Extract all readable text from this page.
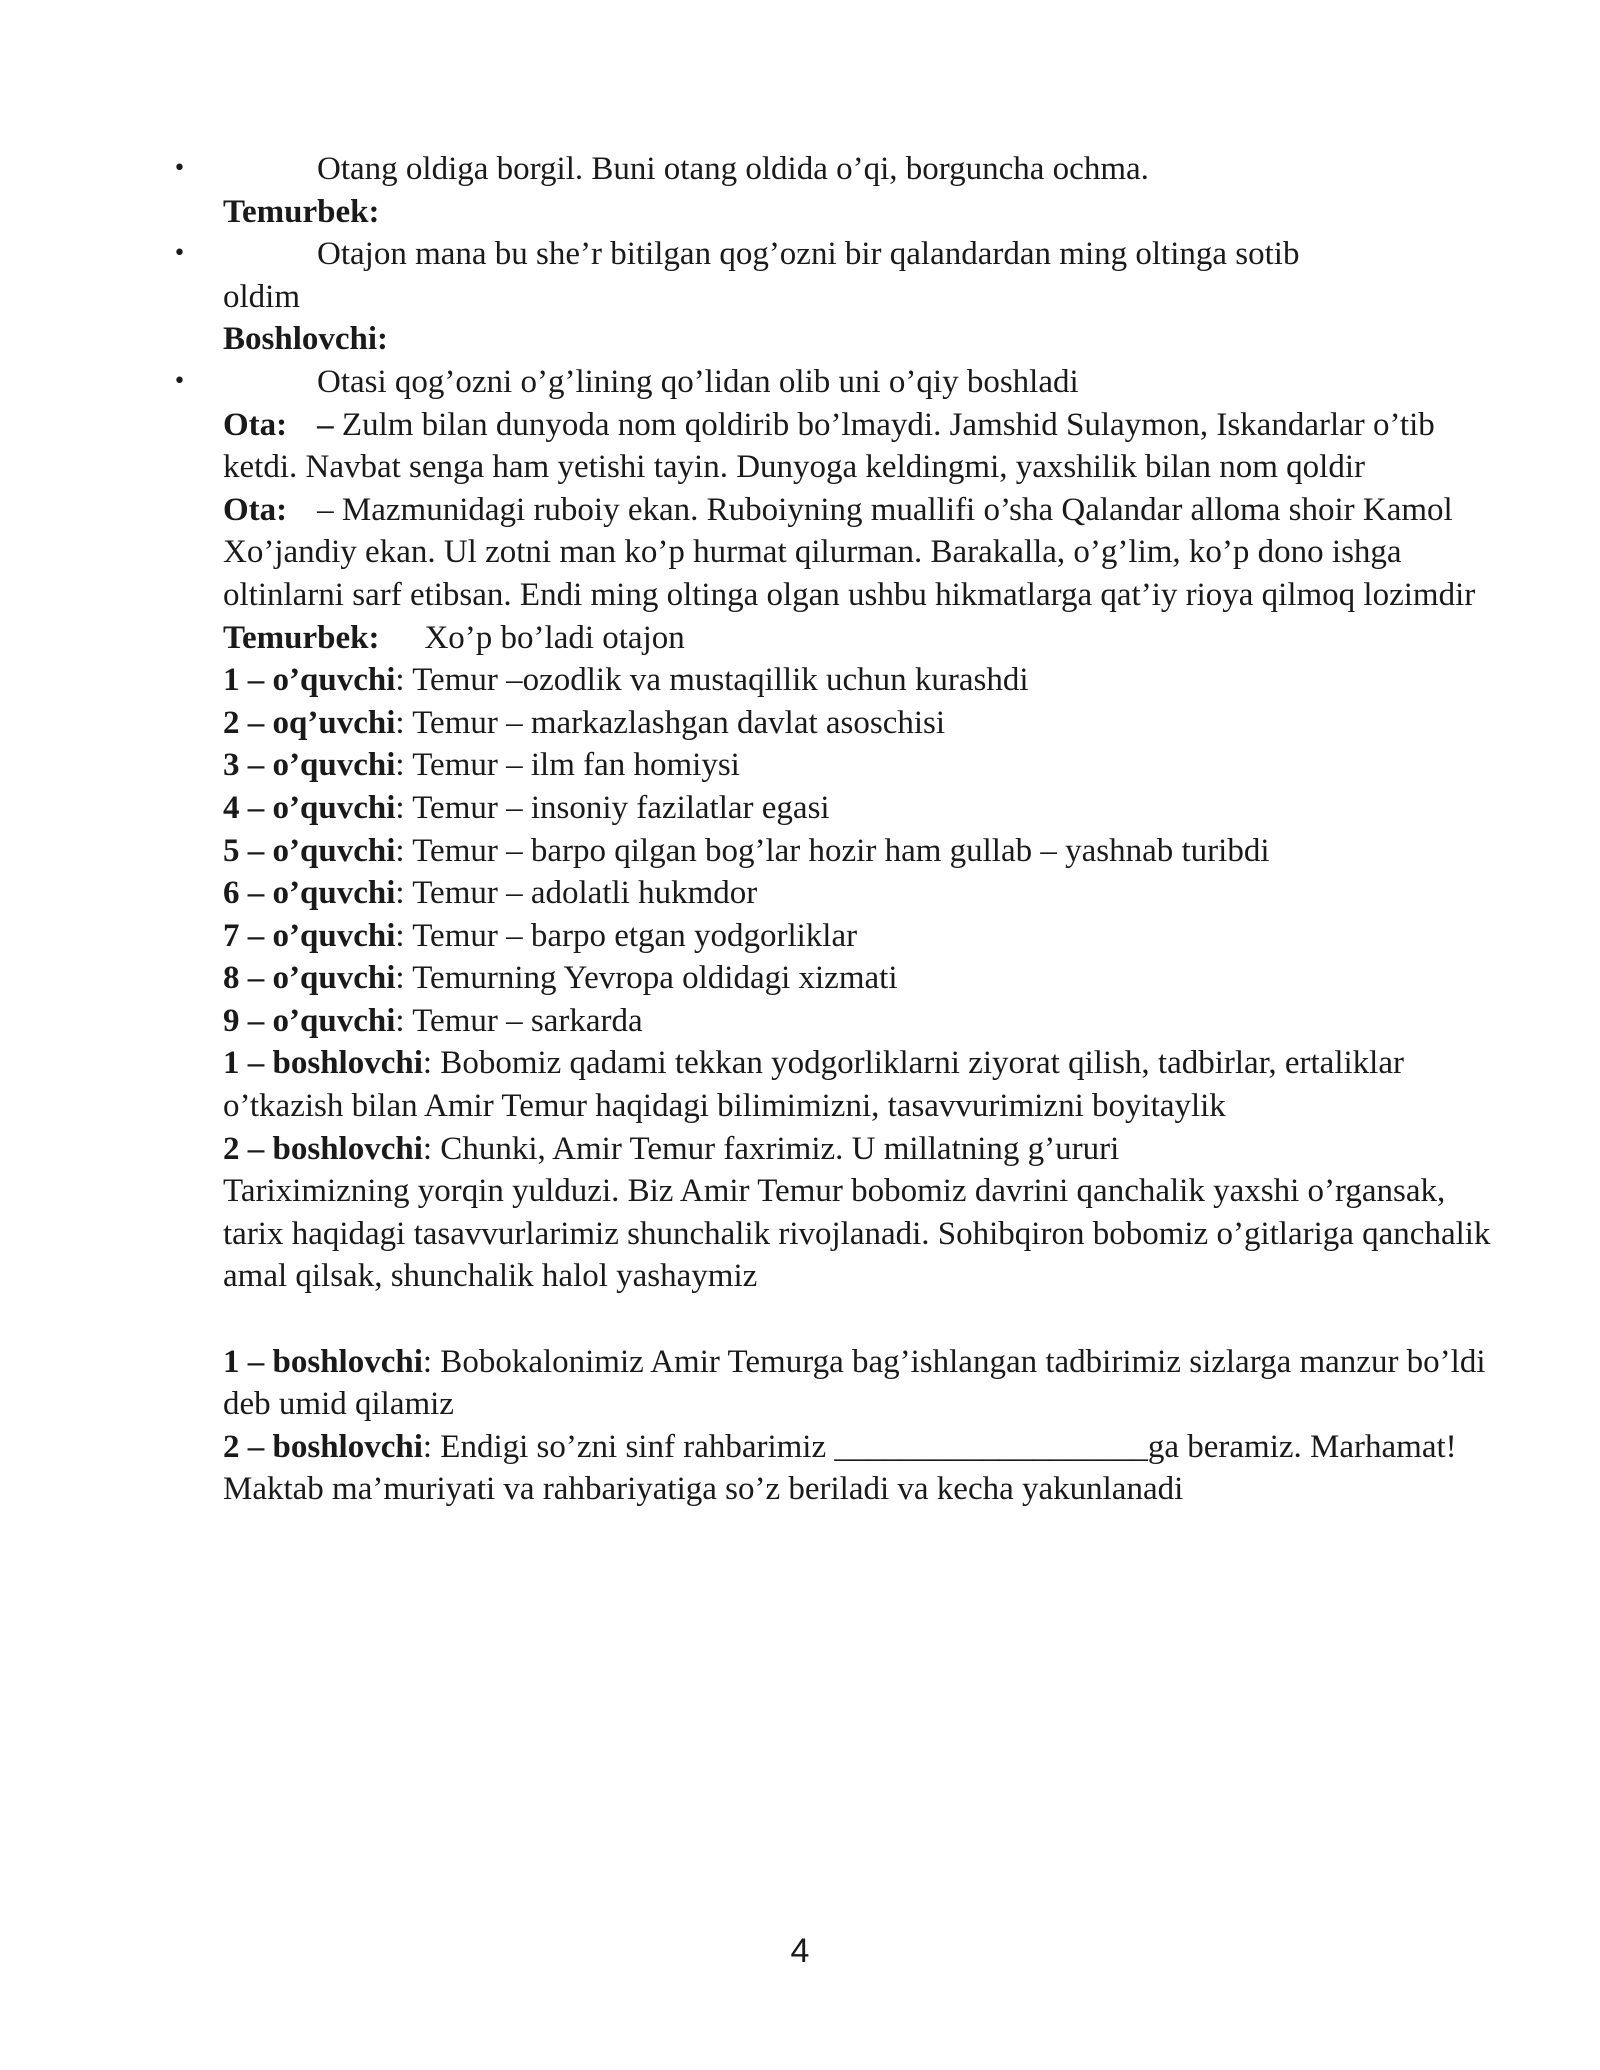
•	Otang oldiga borgil. Buni otang oldida o’qi, borguncha ochma.
Temurbek:
•	Otajon mana bu she’r bitilgan qog’ozni bir qalandardan ming oltinga sotib
oldim
Boshlovchi:
•	Otasi qog’ozni o’g’lining qo’lidan olib uni o’qiy boshladi
Ota: – Zulm bilan dunyoda nom qoldirib bo’lmaydi. Jamshid Sulaymon, Iskandarlar o’tib ketdi. Navbat senga ham yetishi tayin. Dunyoga keldingmi, yaxshilik bilan nom qoldir
Ota: – Mazmunidagi ruboiy ekan. Ruboiyning muallifi o’sha Qalandar alloma shoir Kamol Xo’jandiy ekan. Ul zotni man ko’p hurmat qilurman. Barakalla, o’g’lim, ko’p dono ishga oltinlarni sarf etibsan. Endi ming oltinga olgan ushbu hikmatlarga qat’iy rioya qilmoq lozimdir
Temurbek: Xo’p bo’ladi otajon
1 – o’quvchi: Temur –ozodlik va mustaqillik uchun kurashdi
2 – oq’uvchi: Temur – markazlashgan davlat asoschisi
3 – o’quvchi: Temur – ilm fan homiysi
4 – o’quvchi: Temur – insoniy fazilatlar egasi
5 – o’quvchi: Temur – barpo qilgan bog’lar hozir ham gullab – yashnab turibdi
6 – o’quvchi: Temur – adolatli hukmdor
7 – o’quvchi: Temur – barpo etgan yodgorliklar
8 – o’quvchi: Temurning Yevropa oldidagi xizmati
9 – o’quvchi: Temur – sarkarda
1 – boshlovchi: Bobomiz qadami tekkan yodgorliklarni ziyorat qilish, tadbirlar, ertaliklar o’tkazish bilan Amir Temur haqidagi bilimimizni, tasavvurimizni boyitaylik
2 – boshlovchi: Chunki, Amir Temur faxrimiz. U millatning g’ururi
Tariximizning yorqin yulduzi. Biz Amir Temur bobomiz davrini qanchalik yaxshi o’rgansak, tarix haqidagi tasavvurlarimiz shunchalik rivojlanadi. Sohibqiron bobomiz o’gitlariga qanchalik amal qilsak, shunchalik halol yashaymiz
1 – boshlovchi: Bobokalonimiz Amir Temurga bag’ishlangan tadbirimiz sizlarga manzur bo’ldi deb umid qilamiz
2 – boshlovchi: Endigi so’zni sinf rahbarimiz ___________________ga beramiz. Marhamat!
Maktab ma’muriyati va rahbariyatiga so’z beriladi va kecha yakunlanadi
4
